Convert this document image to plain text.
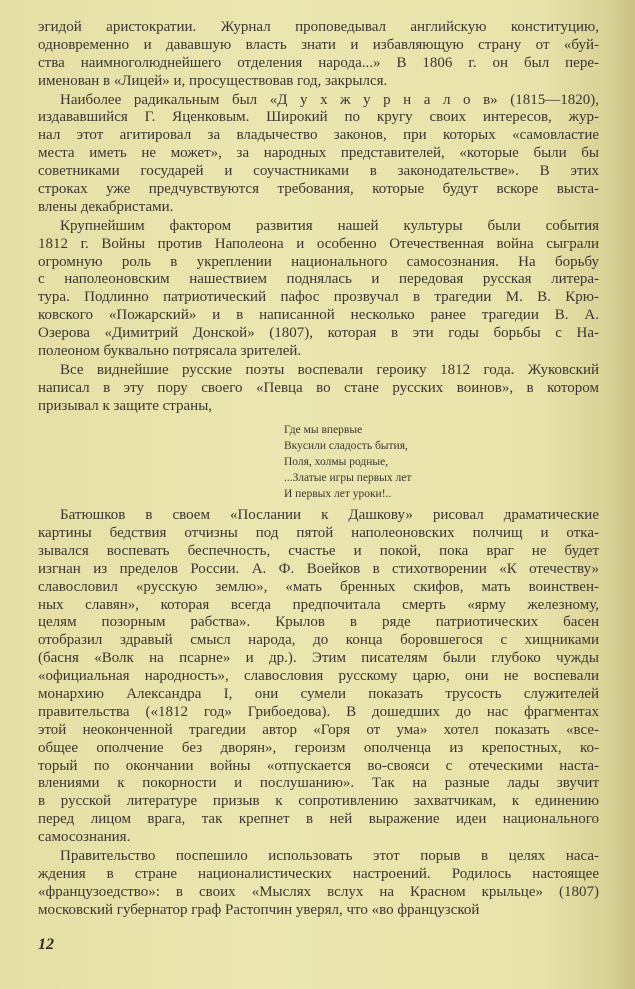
эгидой аристократии. Журнал проповедывал английскую конституцию,
одновременно и дававшую власть знати и избавляющую страну от «буй-
ства наимноголюднейшего отделения народа...» В 1806 г. он был пере-
именован в «Лицей» и, просуществовав год, закрылся.
Наиболее радикальным был «Д у х ж у р н а л о в» (1815—1820),
издававшийся Г. Яценковым. Широкий по кругу своих интересов, жур-
нал этот агитировал за владычество законов, при которых «самовластие
места иметь не может», за народных представителей, «которые были бы
советниками государей и соучастниками в законодательстве». В этих
строках уже предчувствуются требования, которые будут вскоре выста-
влены декабристами.
Крупнейшим фактором развития нашей культуры были события
1812 г. Войны против Наполеона и особенно Отечественная война сыграли
огромную роль в укреплении национального самосознания. На борьбу
с наполеоновским нашествием поднялась и передовая русская литера-
тура. Подлинно патриотический пафос прозвучал в трагедии М. В. Крю-
ковского «Пожарский» и в написанной несколько ранее трагедии В. А.
Озерова «Димитрий Донской» (1807), которая в эти годы борьбы с На-
полеоном буквально потрясала зрителей.
Все виднейшие русские поэты воспевали героику 1812 года. Жуковский
написал в эту пору своего «Певца во стане русских воинов», в котором
призывал к защите страны,
Где мы впервые
Вкусили сладость бытия,
Поля, холмы родные,
...Златые игры первых лет
И первых лет уроки!..
Батюшков в своем «Послании к Дашкову» рисовал драматические
картины бедствия отчизны под пятой наполеоновских полчищ и отка-
зывался воспевать беспечность, счастье и покой, пока враг не будет
изгнан из пределов России. А. Ф. Воейков в стихотворении «К отечеству»
славословил «русскую землю», «мать бренных скифов, мать воинствен-
ных славян», которая всегда предпочитала смерть «ярму железному,
целям позорным рабства». Крылов в ряде патриотических басен
отобразил здравый смысл народа, до конца боровшегося с хищниками
(басня «Волк на псарне» и др.). Этим писателям были глубоко чужды
«официальная народность», славословия русскому царю, они не воспевали
монархию Александра I, они сумели показать трусость служителей
правительства («1812 год» Грибоедова). В дошедших до нас фрагментах
этой неоконченной трагедии автор «Горя от ума» хотел показать «все-
общее ополчение без дворян», героизм ополченца из крепостных, ко-
торый по окончании войны «отпускается во-свояси с отеческими наста-
влениями к покорности и послушанию». Так на разные лады звучит
в русской литературе призыв к сопротивлению захватчикам, к единению
перед лицом врага, так крепнет в ней выражение идеи национального
самосознания.
Правительство поспешило использовать этот порыв в целях наса-
ждения в стране националистических настроений. Родилось настоящее
«французоедство»: в своих «Мыслях вслух на Красном крыльце» (1807)
московский губернатор граф Растопчин уверял, что «во французской
12
